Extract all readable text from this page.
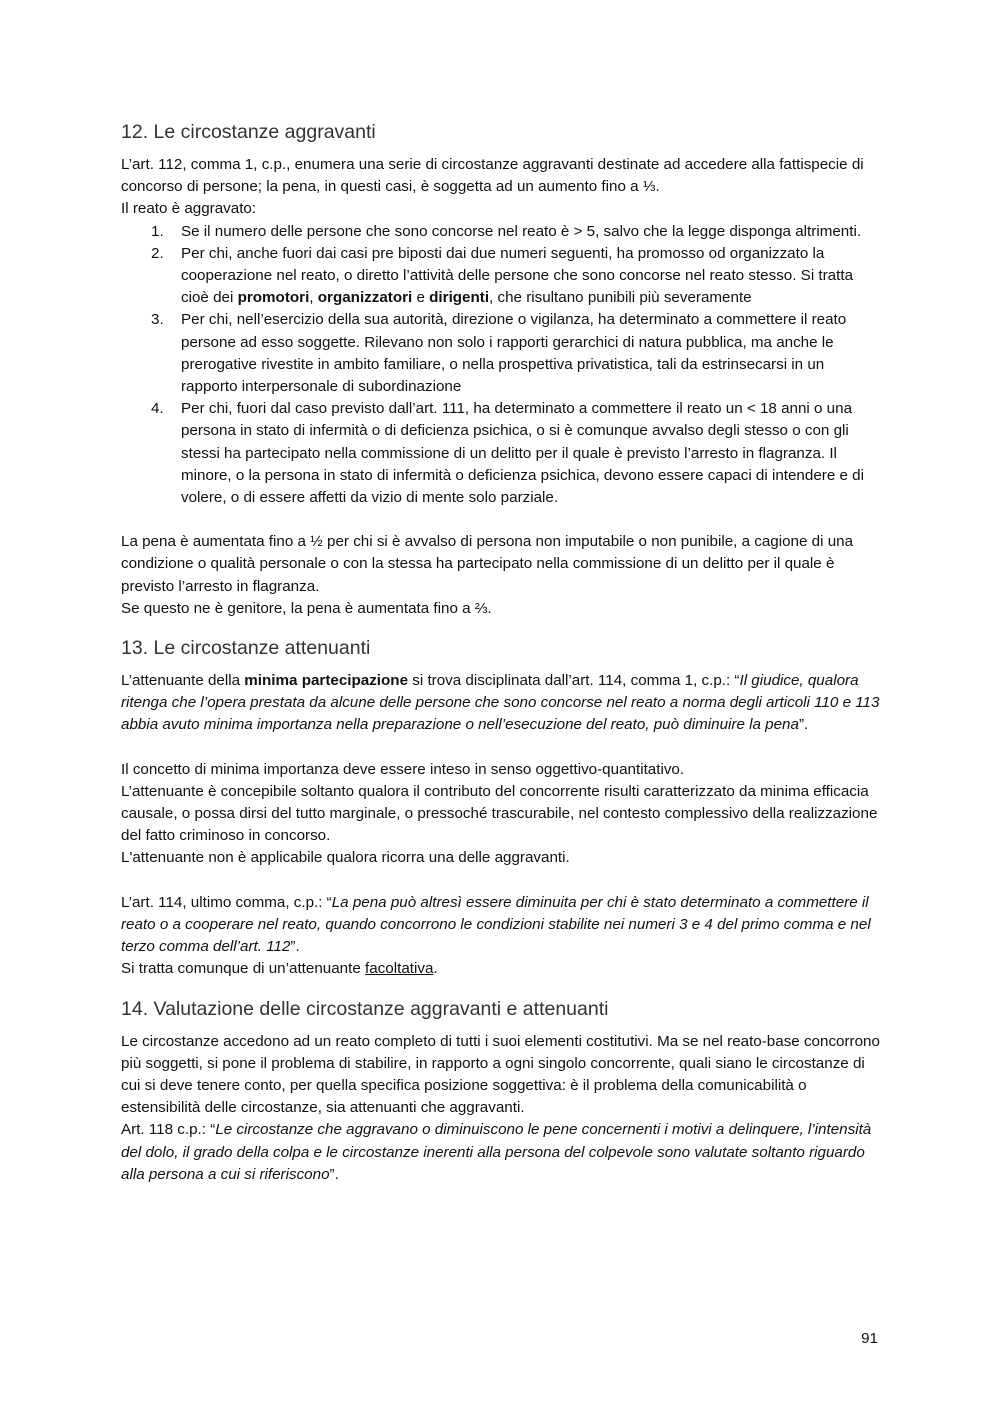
12. Le circostanze aggravanti

L’art. 112, comma 1, c.p., enumera una serie di circostanze aggravanti destinate ad accedere alla fattispecie di concorso di persone; la pena, in questi casi, è soggetta ad un aumento fino a ⅓.

Il reato è aggravato:

1. Se il numero delle persone che sono concorse nel reato è > 5, salvo che la legge disponga altrimenti.
2. Per chi, anche fuori dai casi pre biposti dai due numeri seguenti, ha promosso od organizzato la cooperazione nel reato, o diretto l’attività delle persone che sono concorse nel reato stesso. Si tratta cioè dei promotori, organizzatori e dirigenti, che risultano punibili più severamente
3. Per chi, nell’esercizio della sua autorità, direzione o vigilanza, ha determinato a commettere il reato persone ad esso soggette. Rilevano non solo i rapporti gerarchici di natura pubblica, ma anche le prerogative rivestite in ambito familiare, o nella prospettiva privatistica, tali da estrinsecarsi in un rapporto interpersonale di subordinazione
4. Per chi, fuori dal caso previsto dall’art. 111, ha determinato a commettere il reato un < 18 anni o una persona in stato di infermità o di deficienza psichica, o si è comunque avvalso degli stesso o con gli stessi ha partecipato nella commissione di un delitto per il quale è previsto l’arresto in flagranza. Il minore, o la persona in stato di infermità o deficienza psichica, devono essere capaci di intendere e di volere, o di essere affetti da vizio di mente solo parziale.

La pena è aumentata fino a ½ per chi si è avvalso di persona non imputabile o non punibile, a cagione di una condizione o qualità personale o con la stessa ha partecipato nella commissione di un delitto per il quale è previsto l’arresto in flagranza.

Se questo ne è genitore, la pena è aumentata fino a ⅔.

13. Le circostanze attenuanti

L’attenuante della minima partecipazione si trova disciplinata dall’art. 114, comma 1, c.p.: “Il giudice, qualora ritenga che l’opera prestata da alcune delle persone che sono concorse nel reato a norma degli articoli 110 e 113 abbia avuto minima importanza nella preparazione o nell’esecuzione del reato, può diminuire la pena”.

Il concetto di minima importanza deve essere inteso in senso oggettivo-quantitativo.

L’attenuante è concepibile soltanto qualora il contributo del concorrente risulti caratterizzato da minima efficacia causale, o possa dirsi del tutto marginale, o pressoché trascurabile, nel contesto complessivo della realizzazione del fatto criminoso in concorso.

L'attenuante non è applicabile qualora ricorra una delle aggravanti.

L’art. 114, ultimo comma, c.p.: “La pena può altresì essere diminuita per chi è stato determinato a commettere il reato o a cooperare nel reato, quando concorrono le condizioni stabilite nei numeri 3 e 4 del primo comma e nel terzo comma dell’art. 112”.

Si tratta comunque di un’attenuante facoltativa.

14. Valutazione delle circostanze aggravanti e attenuanti

Le circostanze accedono ad un reato completo di tutti i suoi elementi costitutivi. Ma se nel reato-base concorrono più soggetti, si pone il problema di stabilire, in rapporto a ogni singolo concorrente, quali siano le circostanze di cui si deve tenere conto, per quella specifica posizione soggettiva: è il problema della comunicabilità o estensibilità delle circostanze, sia attenuanti che aggravanti.

Art. 118 c.p.: “Le circostanze che aggravano o diminuiscono le pene concernenti i motivi a delinquere, l’intensità del dolo, il grado della colpa e le circostanze inerenti alla persona del colpevole sono valutate soltanto riguardo alla persona a cui si riferiscono”.

91
